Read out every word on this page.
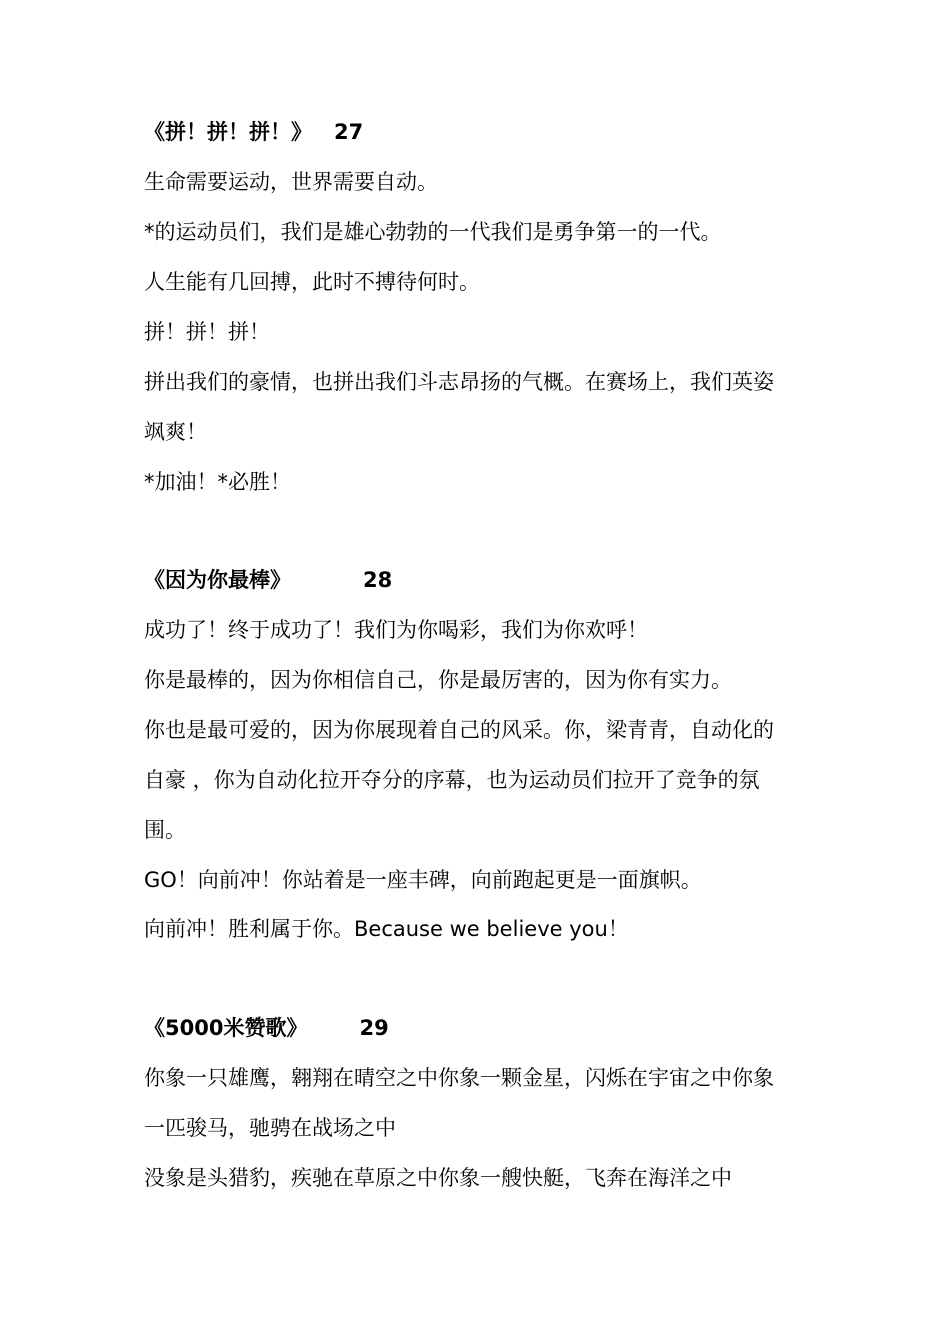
《拼！拼！拼！》 27
生命需要运动，世界需要自动。
*的运动员们，我们是雄心勃勃的一代我们是勇争第一的一代。
人生能有几回搏，此时不搏待何时。
拼！拼！拼！
拼出我们的豪情，也拼出我们斗志昂扬的气概。在赛场上，我们英姿
飒爽！
*加油！*必胜！
《因为你最棒》	28
成功了！终于成功了！我们为你喝彩，我们为你欢呼！
你是最棒的，因为你相信自己，你是最厉害的，因为你有实力。
你也是最可爱的，因为你展现着自己的风采。你，梁青青，自动化的
自豪 ，你为自动化拉开夺分的序幕，也为运动员们拉开了竞争的氛
围。
GO！向前冲！你站着是一座丰碑，向前跑起更是一面旗帜。
向前冲！胜利属于你。Because we believe you！
《5000米赞歌》 29
你象一只雄鹰，翱翔在晴空之中你象一颗金星，闪烁在宇宙之中你象
一匹骏马，驰骋在战场之中
没象是头猎豹，疾驰在草原之中你象一艘快艇，飞奔在海洋之中
